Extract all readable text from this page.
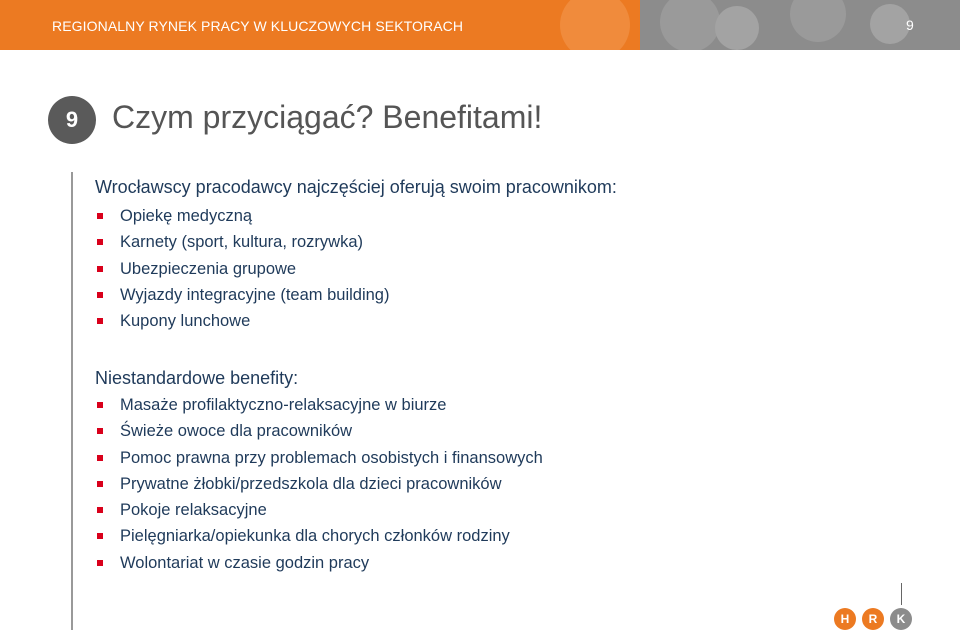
REGIONALNY RYNEK PRACY W KLUCZOWYCH SEKTORACH	9
9	Czym przyciągać? Benefitami!
Wrocławscy pracodawcy najczęściej oferują swoim pracownikom:
Opiekę medyczną
Karnety (sport, kultura, rozrywka)
Ubezpieczenia grupowe
Wyjazdy integracyjne (team building)
Kupony lunchowe
Niestandardowe benefity:
Masaże profilaktyczno-relaksacyjne w biurze
Świeże owoce dla pracowników
Pomoc prawna przy problemach osobistych i finansowych
Prywatne żłobki/przedszkola dla dzieci pracowników
Pokoje relaksacyjne
Pielęgniarka/opiekunka dla chorych członków rodziny
Wolontariat w czasie godzin pracy
H	R	K
